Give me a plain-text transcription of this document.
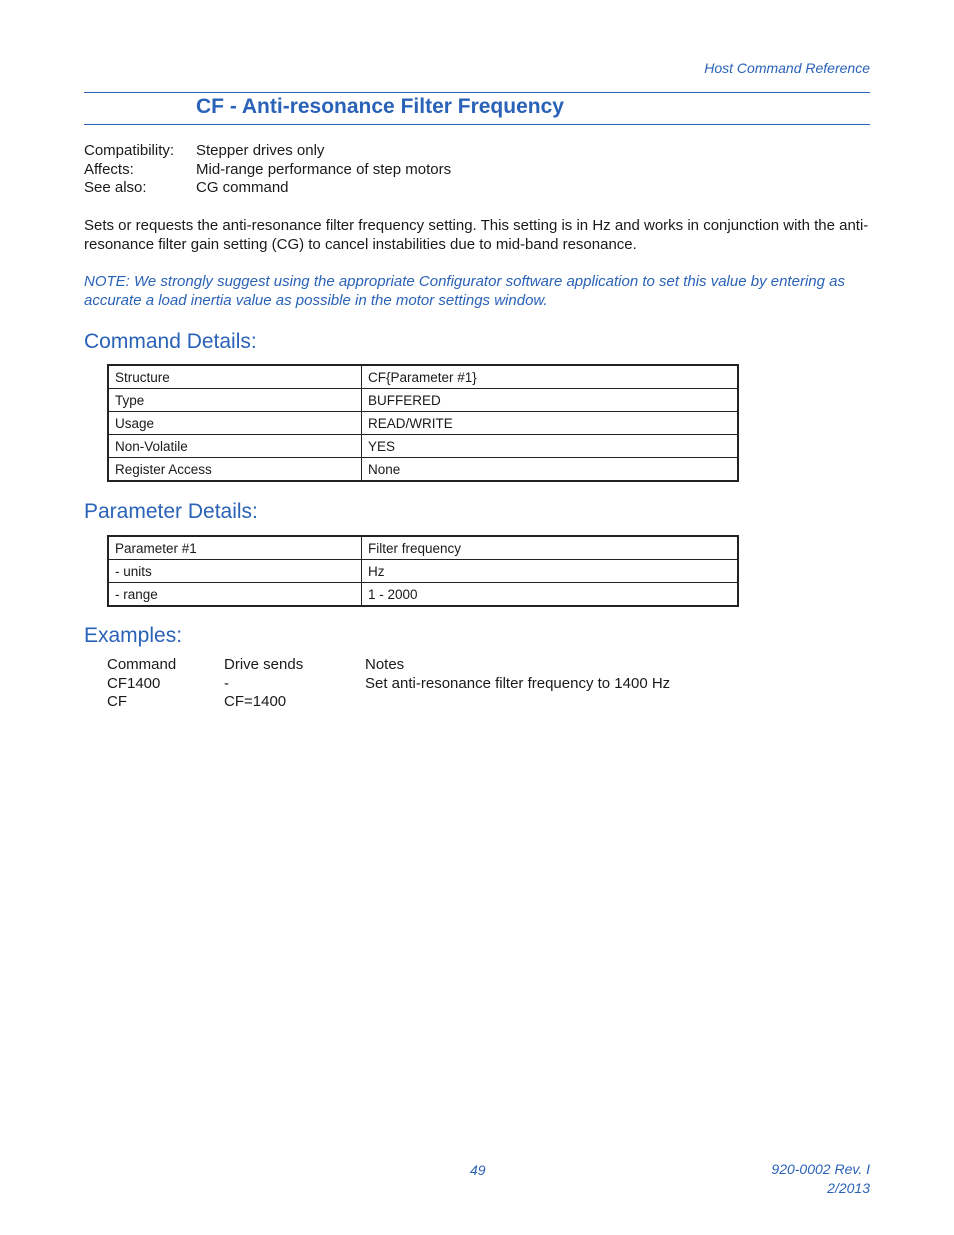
Host Command Reference
CF - Anti-resonance Filter Frequency
Compatibility:	Stepper drives only
Affects:	Mid-range performance of step motors
See also:	CG command
Sets or requests the anti-resonance filter frequency setting. This setting is in Hz and works in conjunction with the anti-resonance filter gain setting (CG) to cancel instabilities due to mid-band resonance.
NOTE: We strongly suggest using the appropriate Configurator software application to set this value by entering as accurate a load inertia value as possible in the motor settings window.
Command Details:
Structure	CF{Parameter #1}
Type	BUFFERED
Usage	READ/WRITE
Non-Volatile	YES
Register Access	None
Parameter Details:
Parameter #1	Filter frequency
- units	Hz
- range	1 - 2000
Examples:
Command	Drive sends	Notes
CF1400	-	Set anti-resonance filter frequency to 1400 Hz
CF	CF=1400
49	920-0002 Rev. I
2/2013
